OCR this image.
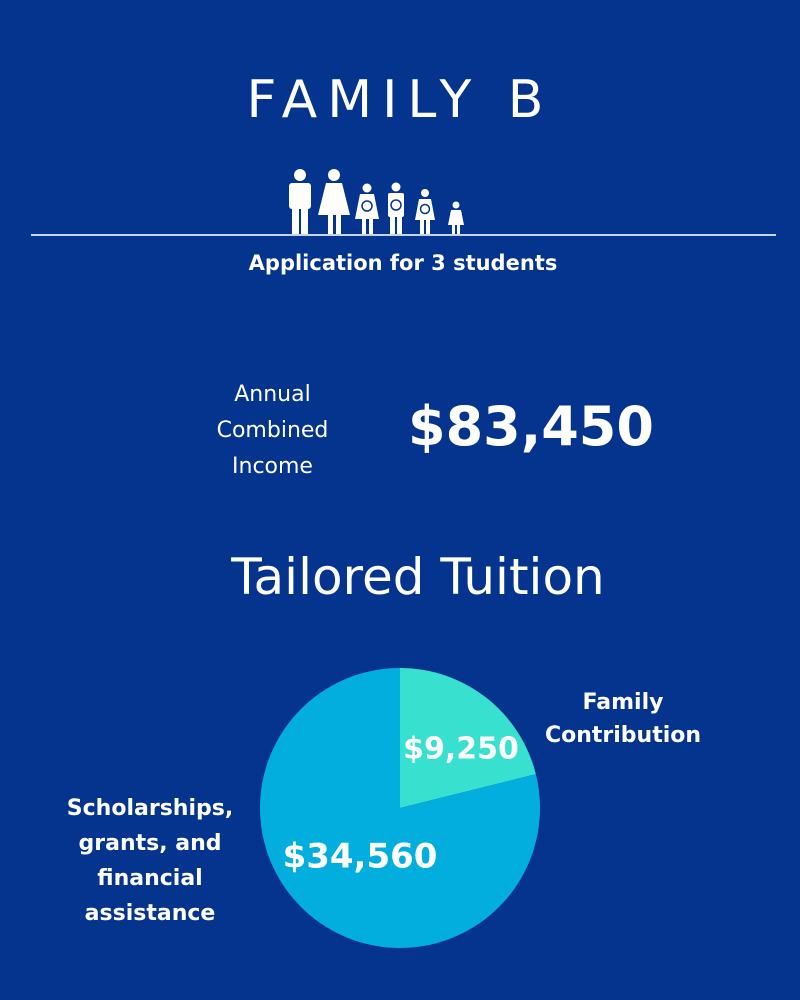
FAMILY B
Application for 3 students
Annual
Combined
Income
$83,450
Tailored Tuition
$9,250
$34,560
Family
Contribution
Scholarships,
grants, and
financial
assistance
